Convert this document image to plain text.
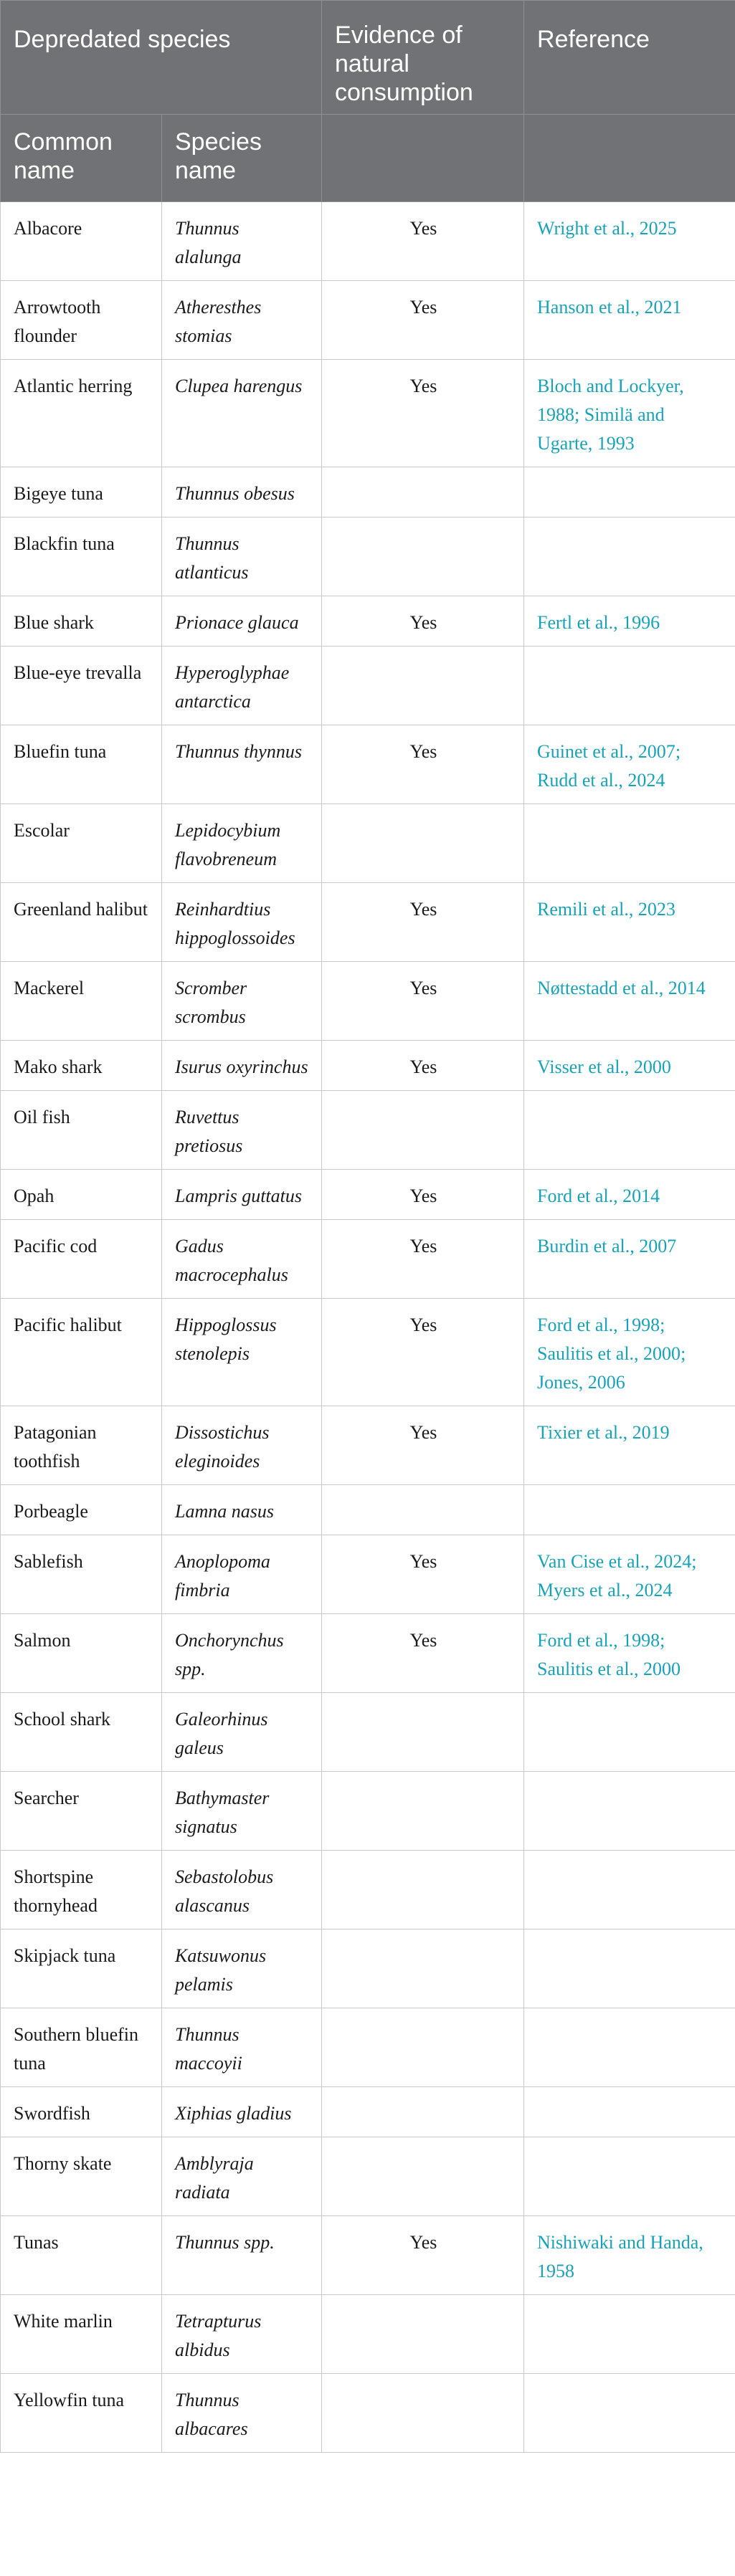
Depredated species		Evidence of natural consumption	Reference
Common name	Species name		
Albacore	Thunnus alalunga	Yes	Wright et al., 2025
Arrowtooth flounder	Atheresthes stomias	Yes	Hanson et al., 2021
Atlantic herring	Clupea harengus	Yes	Bloch and Lockyer, 1988; Similä and Ugarte, 1993
Bigeye tuna	Thunnus obesus		
Blackfin tuna	Thunnus atlanticus		
Blue shark	Prionace glauca	Yes	Fertl et al., 1996
Blue-eye trevalla	Hyperoglyphae antarctica		
Bluefin tuna	Thunnus thynnus	Yes	Guinet et al., 2007; Rudd et al., 2024
Escolar	Lepidocybium flavobreneum		
Greenland halibut	Reinhardtius hippoglossoides	Yes	Remili et al., 2023
Mackerel	Scromber scrombus	Yes	Nøttestadd et al., 2014
Mako shark	Isurus oxyrinchus	Yes	Visser et al., 2000
Oil fish	Ruvettus pretiosus		
Opah	Lampris guttatus	Yes	Ford et al., 2014
Pacific cod	Gadus macrocephalus	Yes	Burdin et al., 2007
Pacific halibut	Hippoglossus stenolepis	Yes	Ford et al., 1998; Saulitis et al., 2000; Jones, 2006
Patagonian toothfish	Dissostichus eleginoides	Yes	Tixier et al., 2019
Porbeagle	Lamna nasus		
Sablefish	Anoplopoma fimbria	Yes	Van Cise et al., 2024; Myers et al., 2024
Salmon	Onchorynchus spp.	Yes	Ford et al., 1998; Saulitis et al., 2000
School shark	Galeorhinus galeus		
Searcher	Bathymaster signatus		
Shortspine thornyhead	Sebastolobus alascanus		
Skipjack tuna	Katsuwonus pelamis		
Southern bluefin tuna	Thunnus maccoyii		
Swordfish	Xiphias gladius		
Thorny skate	Amblyraja radiata		
Tunas	Thunnus spp.	Yes	Nishiwaki and Handa, 1958
White marlin	Tetrapturus albidus		
Yellowfin tuna	Thunnus albacares		
